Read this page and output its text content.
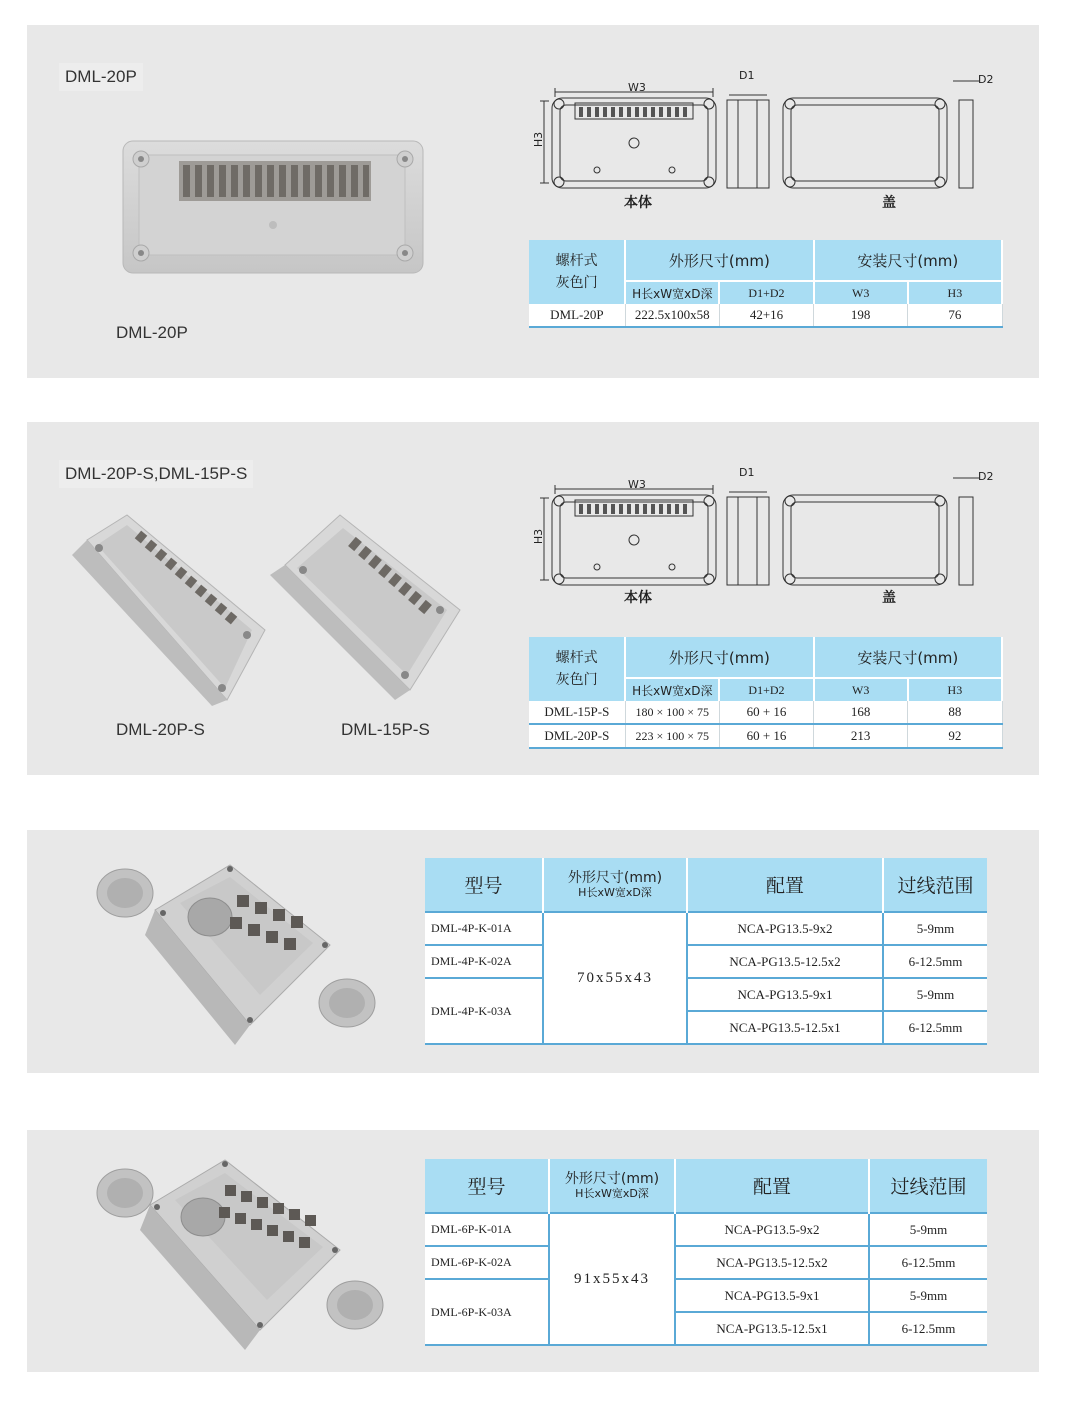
DML-20P
DML-20P
W3
H3
D1	D2
本体	盖
螺杆式
灰色门	外形尺寸(mm)		安装尺寸(mm)	
	H长xW宽xD深	D1+D2	W3	H3
DML-20P	222.5x100x58	42+16	198	76
DML-20P-S,DML-15P-S
DML-20P-S	DML-15P-S
W3
H3
D1	D2
本体	盖
螺杆式
灰色门	外形尺寸(mm)		安装尺寸(mm)	
	H长xW宽xD深	D1+D2	W3	H3
DML-15P-S	180 × 100 × 75	60 + 16	168	88
DML-20P-S	223 × 100 × 75	60 + 16	213	92
型号	外形尺寸(mm)
H长xW宽xD深	配置	过线范围
DML-4P-K-01A	70x55x43	NCA-PG13.5-9x2	5-9mm
DML-4P-K-02A		NCA-PG13.5-12.5x2	6-12.5mm
DML-4P-K-03A		NCA-PG13.5-9x1	5-9mm
		NCA-PG13.5-12.5x1	6-12.5mm
型号	外形尺寸(mm)
H长xW宽xD深	配置	过线范围
DML-6P-K-01A	91x55x43	NCA-PG13.5-9x2	5-9mm
DML-6P-K-02A		NCA-PG13.5-12.5x2	6-12.5mm
DML-6P-K-03A		NCA-PG13.5-9x1	5-9mm
		NCA-PG13.5-12.5x1	6-12.5mm
